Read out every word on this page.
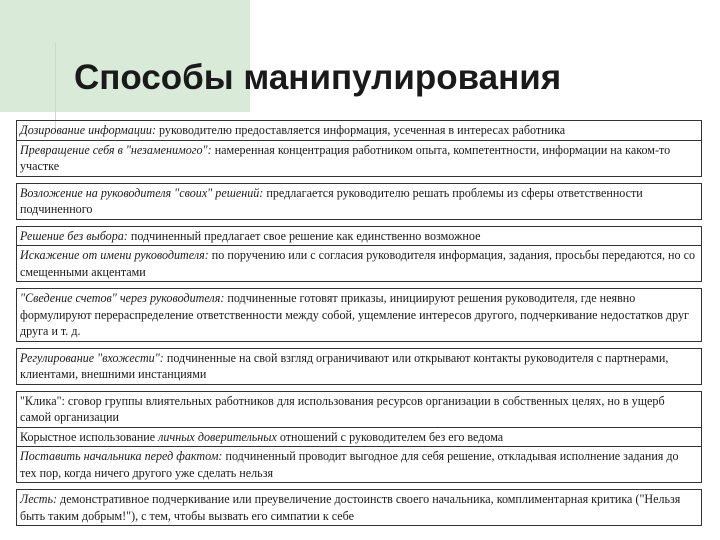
Способы манипулирования
Дозирование информации: руководителю предоставляется информация, усеченная в интересах работника
Превращение себя в "незаменимого": намеренная концентрация работником опыта, компетентности, информации на каком-то участке
Возложение на руководителя "своих" решений: предлагается руководителю решать проблемы из сферы ответственности подчиненного
Решение без выбора: подчиненный предлагает свое решение как единственно возможное
Искажение от имени руководителя: по поручению или с согласия руководителя информация, задания, просьбы передаются, но со смещенными акцентами
"Сведение счетов" через руководителя: подчиненные готовят приказы, инициируют решения руководителя, где неявно формулируют перераспределение ответственности между собой, ущемление интересов другого, подчеркивание недостатков друг друга и т. д.
Регулирование "вхожести": подчиненные на свой взгляд ограничивают или открывают контакты руководителя с партнерами, клиентами, внешними инстанциями
"Клика": сговор группы влиятельных работников для использования ресурсов организации в собственных целях, но в ущерб самой организации
Корыстное использование личных доверительных отношений с руководителем без его ведома
Поставить начальника перед фактом: подчиненный проводит выгодное для себя решение, откладывая исполнение задания до тех пор, когда ничего другого уже сделать нельзя
Лесть: демонстративное подчеркивание или преувеличение достоинств своего начальника, комплиментарная критика ("Нельзя быть таким добрым!"), с тем, чтобы вызвать его симпатии к себе
